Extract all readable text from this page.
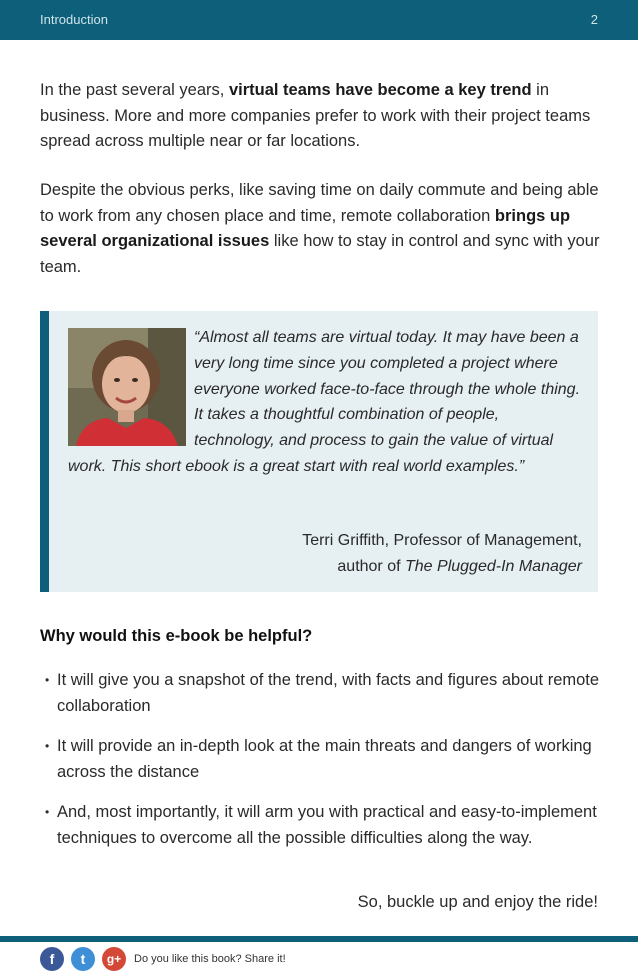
Introduction	2

In the past several years, virtual teams have become a key trend in business. More and more companies prefer to work with their project teams spread across multiple near or far locations.

Despite the obvious perks, like saving time on daily commute and being able to work from any chosen place and time, remote collaboration brings up several organizational issues like how to stay in control and sync with your team.

“Almost all teams are virtual today. It may have been a very long time since you completed a project where everyone worked face-to-face through the whole thing. It takes a thoughtful combination of people, technology, and process to gain the value of virtual work. This short ebook is a great start with real world examples.”

Terri Griffith, Professor of Management,
author of The Plugged-In Manager
Why would this e-book be helpful?
• It will give you a snapshot of the trend, with facts and figures about remote collaboration
• It will provide an in-depth look at the main threats and dangers of working across the distance
• And, most importantly, it will arm you with practical and easy-to-implement techniques to overcome all the possible difficulties along the way.
So, buckle up and enjoy the ride!
f	t	g+	Do you like this book? Share it!
